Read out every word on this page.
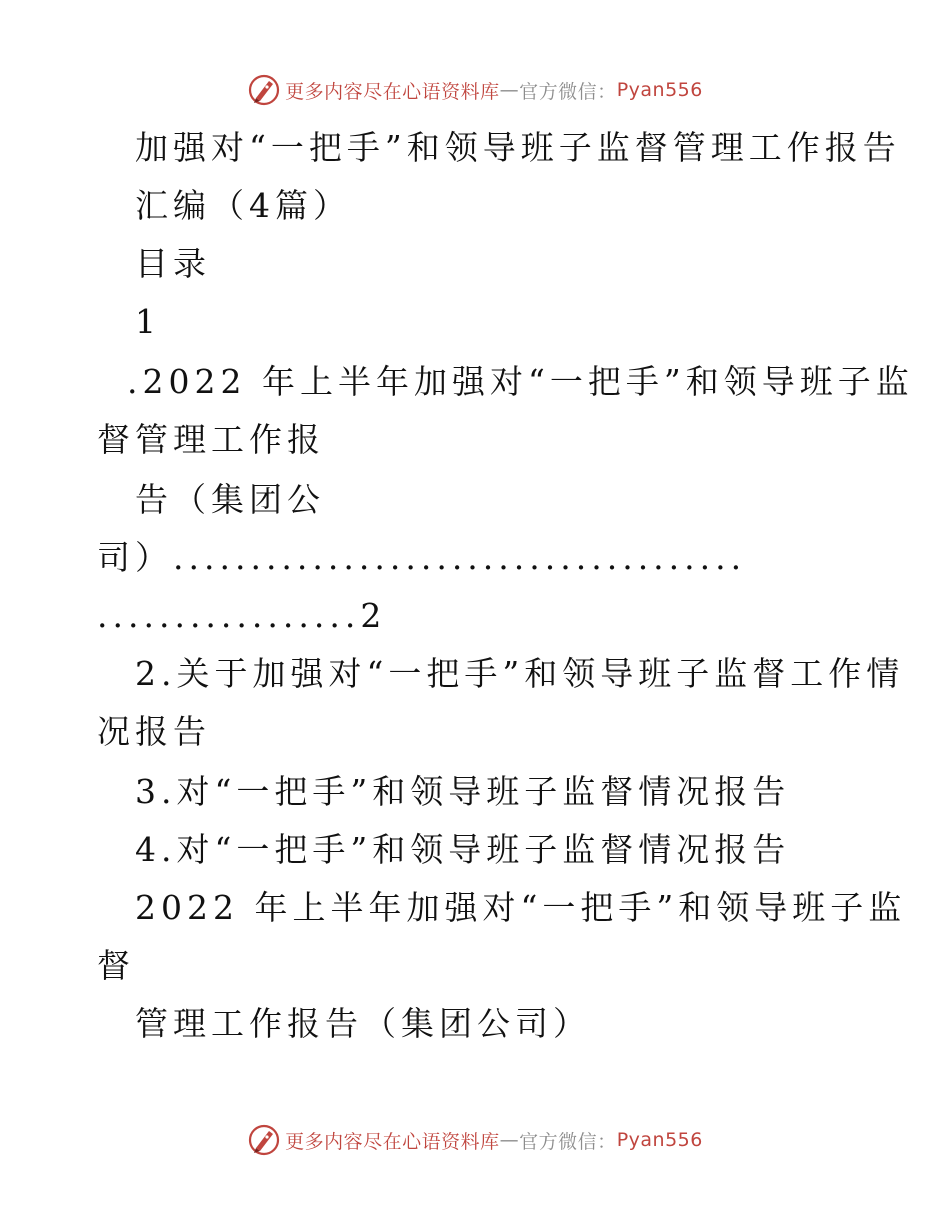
更多内容尽在心语资料库 — 官方微信： Pyan556
加强对“一把手”和领导班子监督管理工作报告
汇编（4篇）
目录
1
.2022 年上半年加强对“一把手”和领导班子监
督管理工作报
告（集团公
司）.....................................
.................2
2.关于加强对“一把手”和领导班子监督工作情
况报告
3.对“一把手”和领导班子监督情况报告
4.对“一把手”和领导班子监督情况报告
2022 年上半年加强对“一把手”和领导班子监
督
管理工作报告（集团公司）
更多内容尽在心语资料库 — 官方微信： Pyan556
